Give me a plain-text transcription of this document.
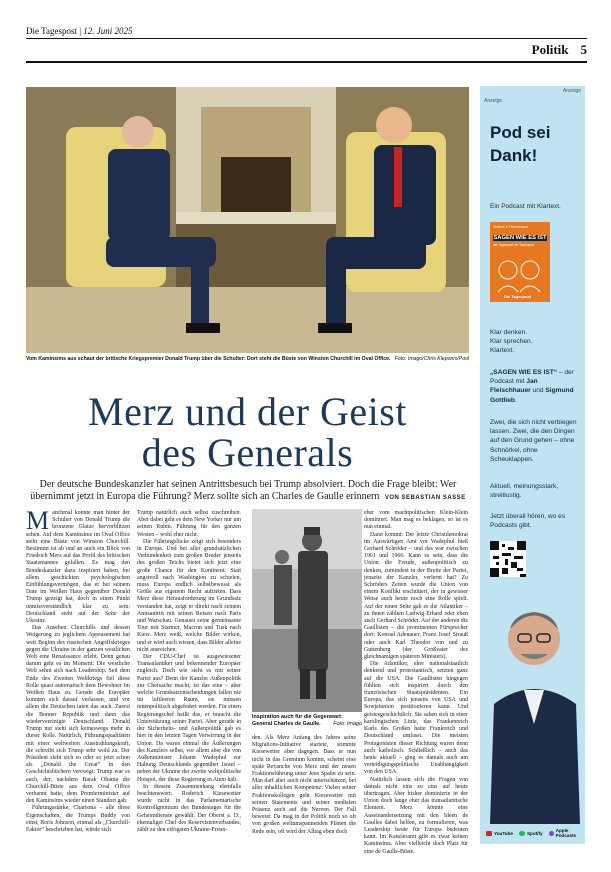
Die Tagespost | 12. Juni 2025
Politik 5
Vom Kaminsims aus schaut der britische Kriegspremier Donald Trump über die Schulter: Dort steht die Büste von Winston Churchill im Oval Office. Foto: Imago/Chris Kleponis/Pool
Merz und der Geist
des Generals
Der deutsche Bundeskanzler hat seinen Antrittsbesuch bei Trump absolviert. Doch die Frage bleibt: Wer übernimmt jetzt in Europa die Führung? Merz sollte sich an Charles de Gaulle erinnern VON SEBASTIAN SASSE
M anchmal konnte man hinter der Schulter von Donald Trump die bronzene Glatze hervorblitzen sehen. Auf dem Kaminsims im Oval Office steht eine Büste von Winston Churchill. Bestimmt ist ab und an auch ein Blick von Friedrich Merz auf das Profil des britischen Staatsmannes gefallen. Es mag den Bundeskanzler dazu inspiriert haben, bei allem geschickten psychologischen Einfühlungsvermögen, das er bei seinem Date im Weißen Haus gegenüber Donald Trump gezeigt hat, doch in einen Punkt unmissverständlich klar zu sein: Deutschland steht auf der Seite der Ukraine.

Das Ansehen Churchills und dessen Weigerung zu jeglichem Appeasement hat weit Beginn des russischen Angriffskrieges gegen die Ukraine in der ganzen westlichen Welt eine Renaissance erlebt. Denn genau darum geht es im Moment: Die westliche Welt sehnt sich nach Leadership. Seit dem Ende des Zweiten Weltkriegs fiel diese Rolle quasi automatisch dem Bewohner im Weißen Haus zu. Gerade die Europäer konnten sich darauf verlassen, und vor allem die Deutschen taten das auch. Zuerst die Bonner Republik und dann das wiedervereinigte Deutschland. Donald Trump nur sieht sich keineswegs mehr in dieser Rolle. Natürlich, Führungsqualitäten mit einer weltweiten Ausstrahlungskraft, die schreibt sich Trump sehr wohl zu. Der Präsident sieht sich so oder so jetzt schon als „Donald the Great“ in den Geschichtsbüchern verewigt. Trump war es auch, der, nachdem Barak Obama die Churchill-Büste aus dem Oval Office verbannt hatte, dem Premierminister auf den Kaminsims wieder einen Standort gab.

Führungsstärke, Charisma – alle diese Eigenschaften, die Trumps Buddy von einst, Boris Johnson, einmal als „Churchill-Faktor“ beschrieben hat, würde sich

Trump natürlich auch selbst zuschreiben. Aber dabei geht es dem New Yorker nur um seinen Ruhm. Führung für den ganzen Westen – wohl eher nicht.

Die Führungslücke zeigt sich besonders in Europa. Und bei aller grundsätzlichen Verbundenheit zum großen Bruder jenseits des großen Teichs bietet sich jetzt eine große Chance für den Kontinent. Statt angstvoll nach Washington zu schielen, muss Europa endlich selbstbewusst als Größe aus eigenem Recht auftreten. Dass Merz diese Herausforderung im Grundsatz verstanden hat, zeigt er direkt nach seinem Amtsantritt mit seinen Reisen nach Paris und Warschau. Genauso seine gemeinsame Tour mit Starmer, Macron und Tusk nach Kiew. Merz weiß, welche Bilder wirken, und er wird auch wissen, dass Bilder alleine nicht ausreichen.

Der CDU-Chef ist ausgewiesener Transatlantiker und bekennender Europäer zugleich. Doch wie sieht es mit seiner Partei aus? Denn der Kanzler Außenpolitik zur Chefsache macht, ist das eine – aber welche Grundsatzentscheidungen fallen nie im luftleeren Raum, sie müssen innenpolitisch abgefedert werden. Für einen Regierungschef heißt das, er braucht die Unterstützung seiner Partei. Aber gerade in der Sicherheits- und Außenpolitik gab es hier in den letzten Tagen Verwirrung in der Union. Da waren einmal die Äußerungen des Kanzlers selbst, vor allem aber die von Außenminister Johann Wadephul zur Haltung Deutschlands gegenüber Israel – neben der Ukraine der zweite weltpolitische Hotspot, der diese Regierung in Atem hält.

In diesem Zusammenhang ebenfalls beachtenswert: Roderich Kiesewetter wurde nicht in das Parlamentarische Kontrollgremium des Bundestages für die Geheimdienste gewählt. Der Oberst a. D., ehemaliger Chef des Reservistenverbandes, zählt zu den eifrigsten Ukraine-Freun-

Inspiration auch für die Gegenwart: General Charles de Gaulle. Foto: Imago

den. Als Merz Anfang des Jahres seine Migrations-Initiative startete, stimmte Kiesewetter aber dagegen. Dass er nun nicht in das Gremium kommt, scheint eine späte Revanche von Merz und der neuen Fraktionsführung unter Jens Spahn zu sein. Man darf aber auch nicht unterschätzen, bei aller inhaltlichen Kompetenz: Vielen seiner Fraktionskollegen geht Kiesewetter mit seinen Statements und seiner medialen Präsenz auch auf die Nerven. Der Fall beweist: Da mag in der Politik noch so oft von großen weltumspannenden Plänen die Rede sein, oft wird der Alltag eben doch

eher vom machtpolitischen Klein-Klein dominiert. Man mag es beklagen, so ist es nun einmal.

Dann kommt: Der letzte Christdemokrat im Auswärtigen Amt vor Wadephul hieß Gerhard Schröder – und das war zwischen 1961 und 1966. Kann es sein, dass die Union die Freude, außenpolitisch zu denken, zumindest in der Breite der Partei, jenseits der Kanzler, verlernt hat? Zu Schröders Zeiten wurde die Union von einem Konflikt erschüttert, der in gewisser Weise auch heute noch eine Rolle spielt. Auf der einen Seite gab es die Atlantiker – zu ihnen zählten Ludwig Erhard oder eben auch Gerhard Schröder. Auf der anderen die Gaullisten – die prominenten Fürsprecher dort: Konrad Adenauer, Franz Josef Strauß oder auch Karl Theodor von und zu Guttenberg (der Großvater des gleichnamigen späteren Ministers).

Die Atlantiker, eher nationalstaatlich denkend und protestantisch, setzten ganz auf die USA. Die Gaullisten hingegen fühlten sich inspiriert durch den französischen Staatspräsidenten. Ein Europa, das sich jenseits von USA und Sowjetunion positionieren kann. Und geistesgeschichtlich: Sie sahen sich in einer karolingischen Linie, das Frankenreich Karls des Großen hatte Frankreich und Deutschland umfasst. Die meisten Protagonisten dieser Richtung waren denn auch katholisch. Schließlich – auch das heute aktuell – ging es damals auch um verteidigungspolitische Unabhängigkeit von den USA.

Natürlich lassen sich die Fragen von damals nicht eins zu eins auf heute übertragen. Aber bisher dominierte in der Union doch lange eher das transatlantische Element. Merz könnte eine Auseinandersetzung mit den Ideen de Gaulles dabei helfen, zu formulieren, was Leadership heute für Europa bedeuten kann. Im Kanzleramt gibt es zwar keinen Kaminsims. Aber vielleicht doch Platz für eine de Gaulle-Büste.

Anzeige
Anzeige
Pod sei
Dank!
Ein Podcast mit Klartext.
Gottlieb & Fleischhauer
SAGEN WIE ES IST
der Tagespost der Tagespost
Die Tagespost
Klar denken.
Klar sprechen.
Klartext.
„SAGEN WIE ES IST“ – der Podcast mit Jan Fleischhauer und Sigmund Gottlieb.
Zwei, die sich nicht verbiegen lassen. Zwei, die den Dingen auf den Grund gehen – ohne Schnörkel, ohne Scheuklappen.
Aktuell, meinungsstark, streitlustig.
Jetzt überall hören, wo es Podcasts gibt.
YouTube	Spotify	Apple Podcasts
